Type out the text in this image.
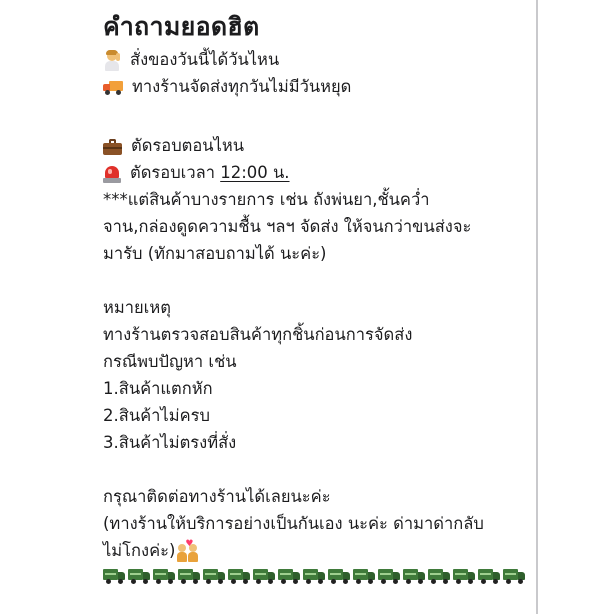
คำถามยอดฮิต
สั่งของวันนี้ได้วันไหน
ทางร้านจัดส่งทุกวันไม่มีวันหยุด
ตัดรอบตอนไหน
ตัดรอบเวลา 12:00 น.
***แต่สินค้าบางรายการ เช่น ถังพ่นยา,ชั้นคว่ำ
จาน,กล่องดูดความชื้น ฯลฯ จัดส่ง ให้จนกว่าขนส่งจะ
มารับ (ทักมาสอบถามได้ นะค่ะ)
หมายเหตุ
ทางร้านตรวจสอบสินค้าทุกชิ้นก่อนการจัดส่ง
กรณีพบปัญหา เช่น
1.สินค้าแตกหัก
2.สินค้าไม่ครบ
3.สินค้าไม่ตรงที่สั่ง
กรุณาติดต่อทางร้านได้เลยนะค่ะ
(ทางร้านให้บริการอย่างเป็นกันเอง นะค่ะ ด่ามาด่ากลับ
ไม่โกงค่ะ) ♥
